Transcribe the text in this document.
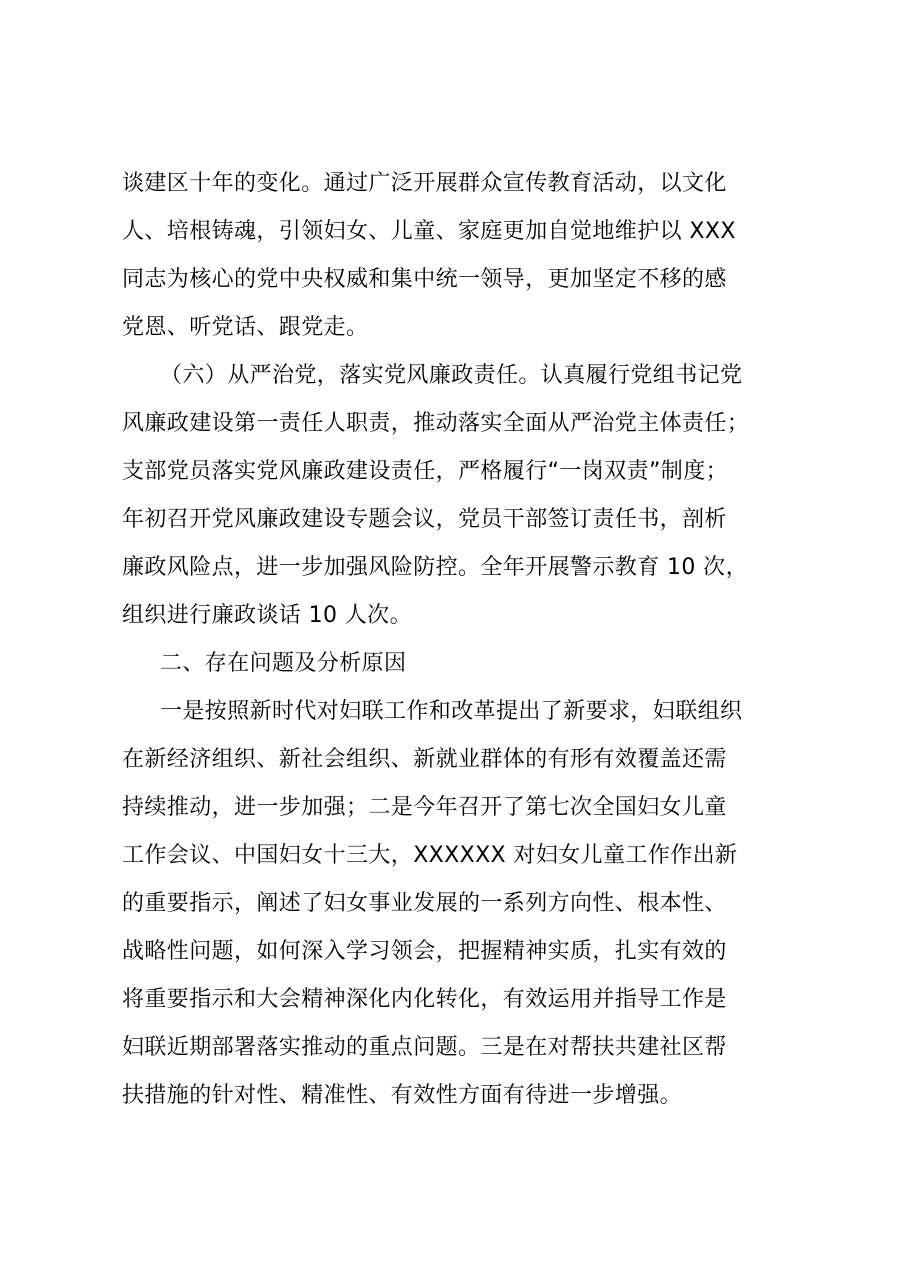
谈建区十年的变化。通过广泛开展群众宣传教育活动，以文化
人、培根铸魂，引领妇女、儿童、家庭更加自觉地维护以 XXX
同志为核心的党中央权威和集中统一领导，更加坚定不移的感
党恩、听党话、跟党走。
（六）从严治党，落实党风廉政责任。认真履行党组书记党
风廉政建设第一责任人职责，推动落实全面从严治党主体责任；
支部党员落实党风廉政建设责任，严格履行“一岗双责”制度；
年初召开党风廉政建设专题会议，党员干部签订责任书，剖析
廉政风险点，进一步加强风险防控。全年开展警示教育 10 次，
组织进行廉政谈话 10 人次。
二、存在问题及分析原因
一是按照新时代对妇联工作和改革提出了新要求，妇联组织
在新经济组织、新社会组织、新就业群体的有形有效覆盖还需
持续推动，进一步加强；二是今年召开了第七次全国妇女儿童
工作会议、中国妇女十三大，XXXXXX 对妇女儿童工作作出新
的重要指示，阐述了妇女事业发展的一系列方向性、根本性、
战略性问题，如何深入学习领会，把握精神实质，扎实有效的
将重要指示和大会精神深化内化转化，有效运用并指导工作是
妇联近期部署落实推动的重点问题。三是在对帮扶共建社区帮
扶措施的针对性、精准性、有效性方面有待进一步增强。
